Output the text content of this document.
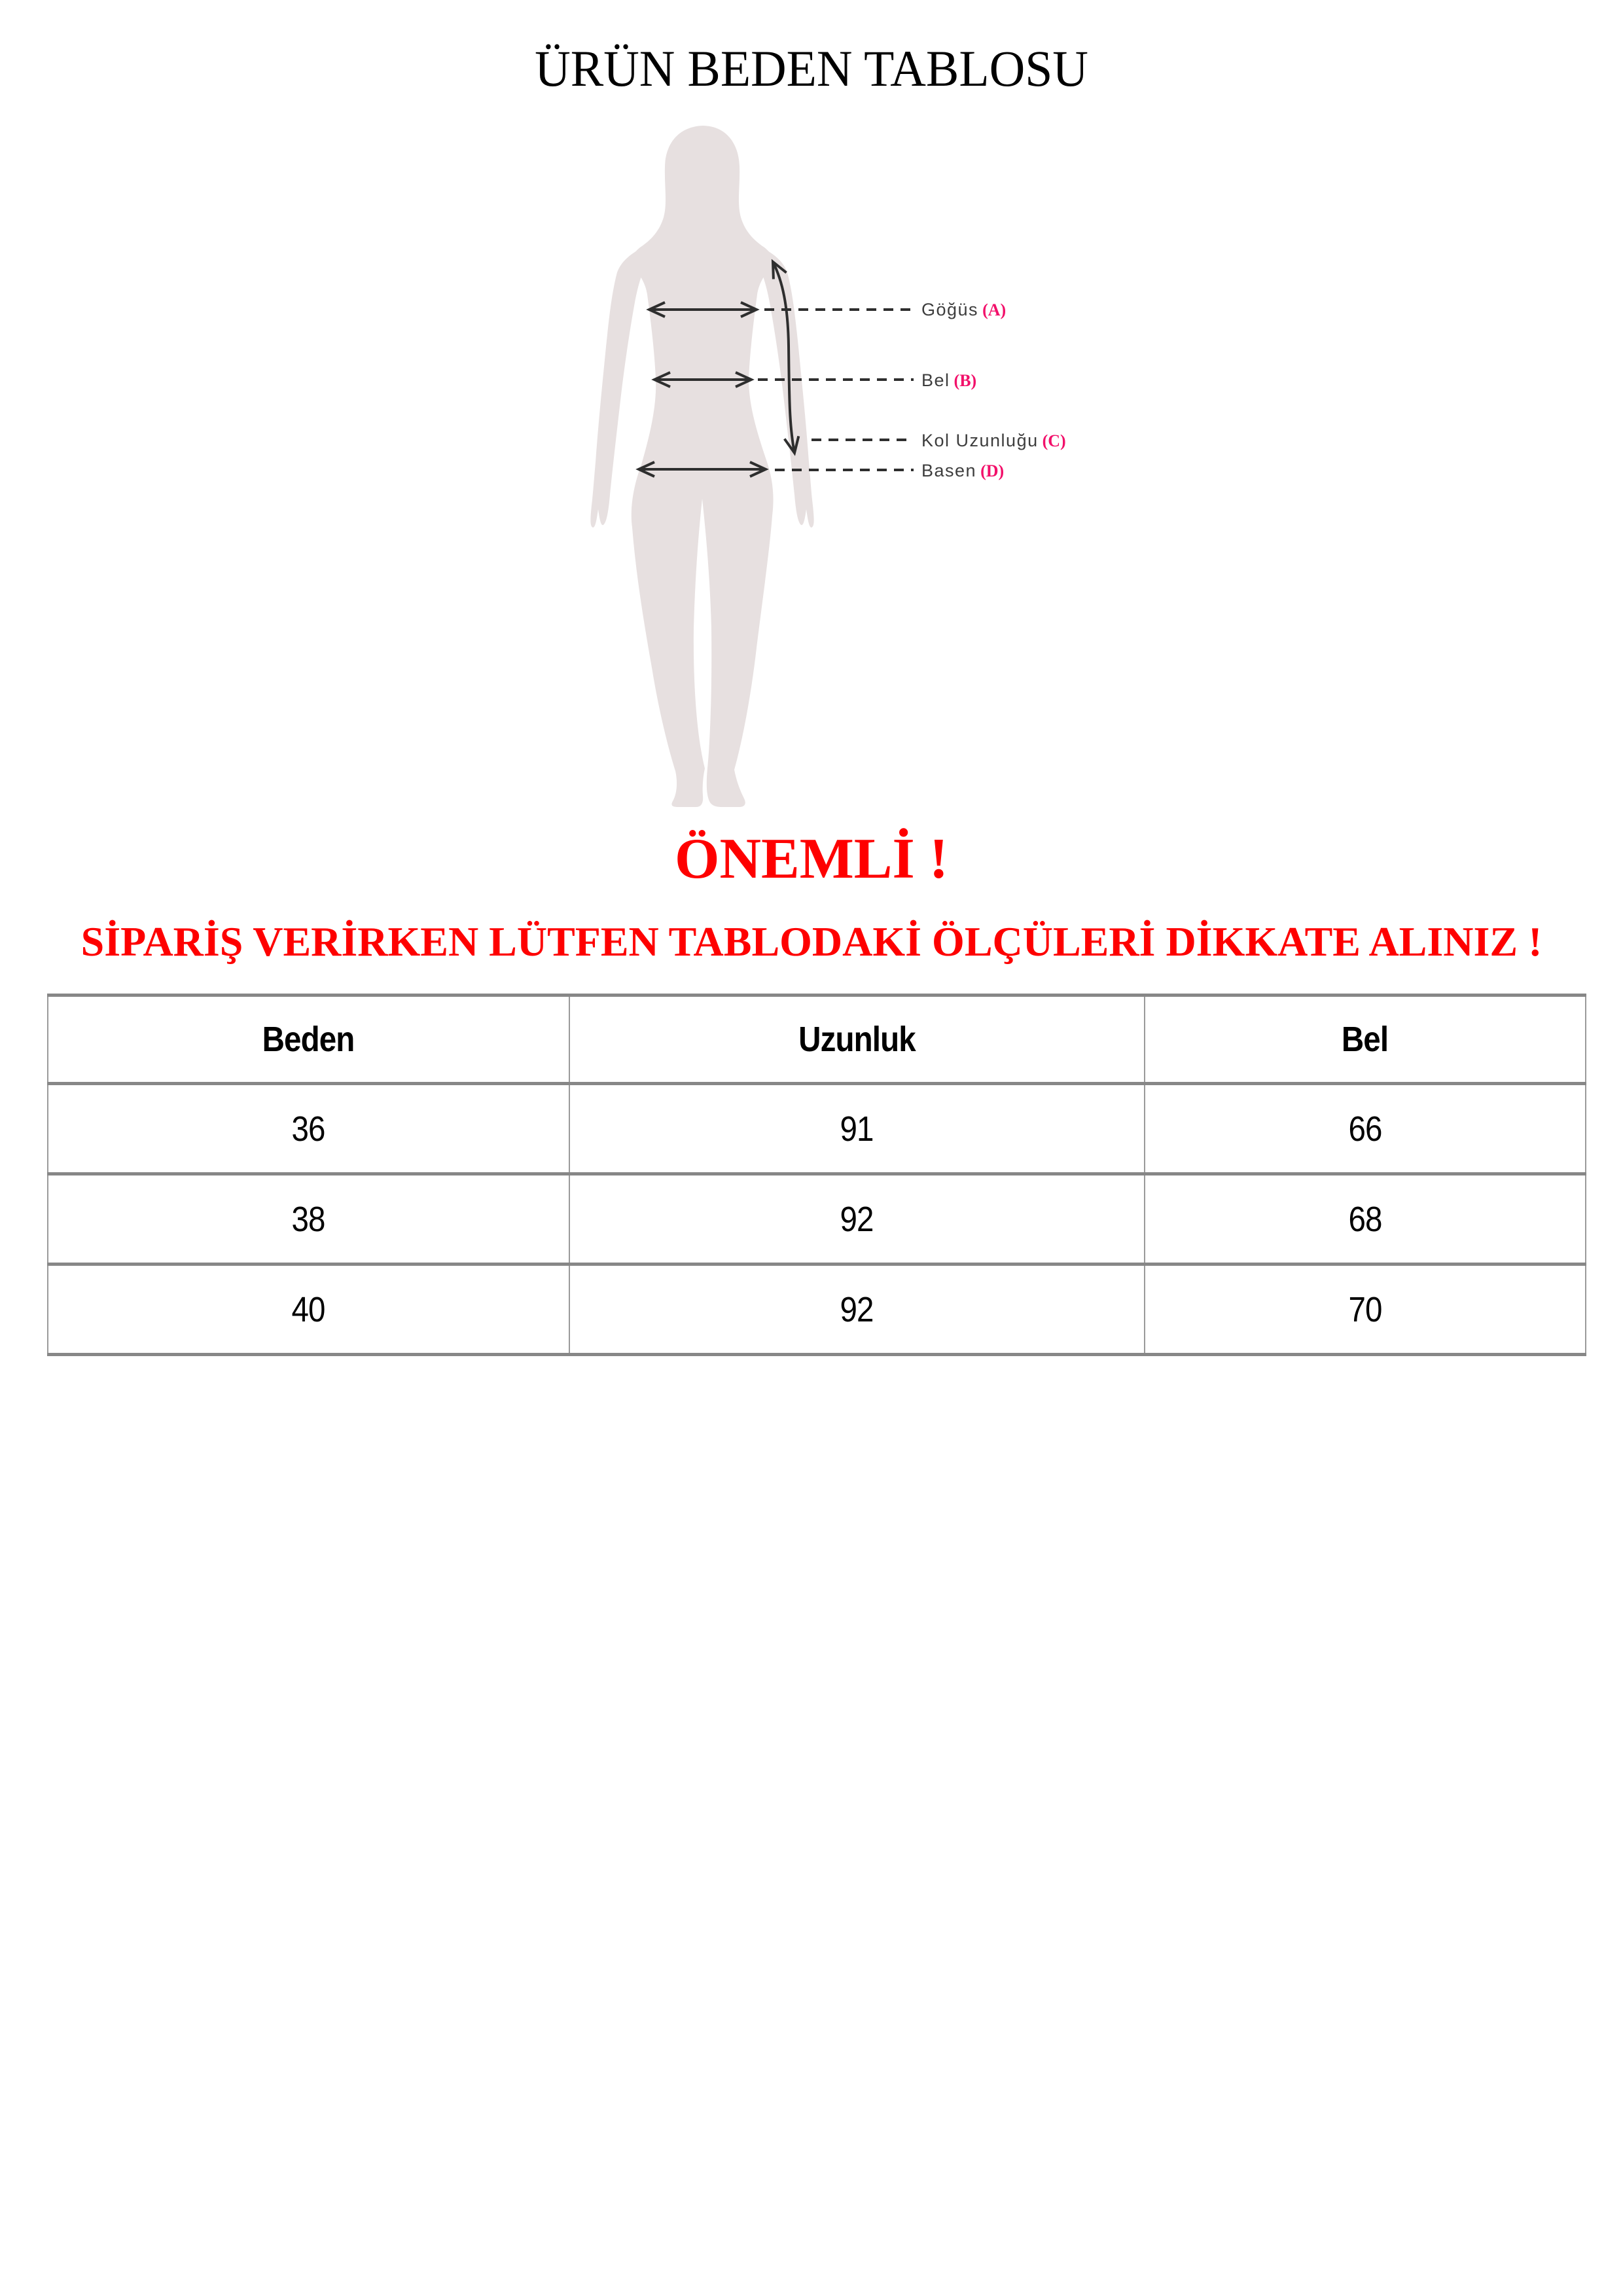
ÜRÜN BEDEN TABLOSU
Göğüs (A)
Bel (B)
Kol Uzunluğu (C)
Basen (D)
ÖNEMLİ !
SİPARİŞ VERİRKEN LÜTFEN TABLODAKİ ÖLÇÜLERİ DİKKATE ALINIZ !
Beden	Uzunluk	Bel
36	91	66
38	92	68
40	92	70
